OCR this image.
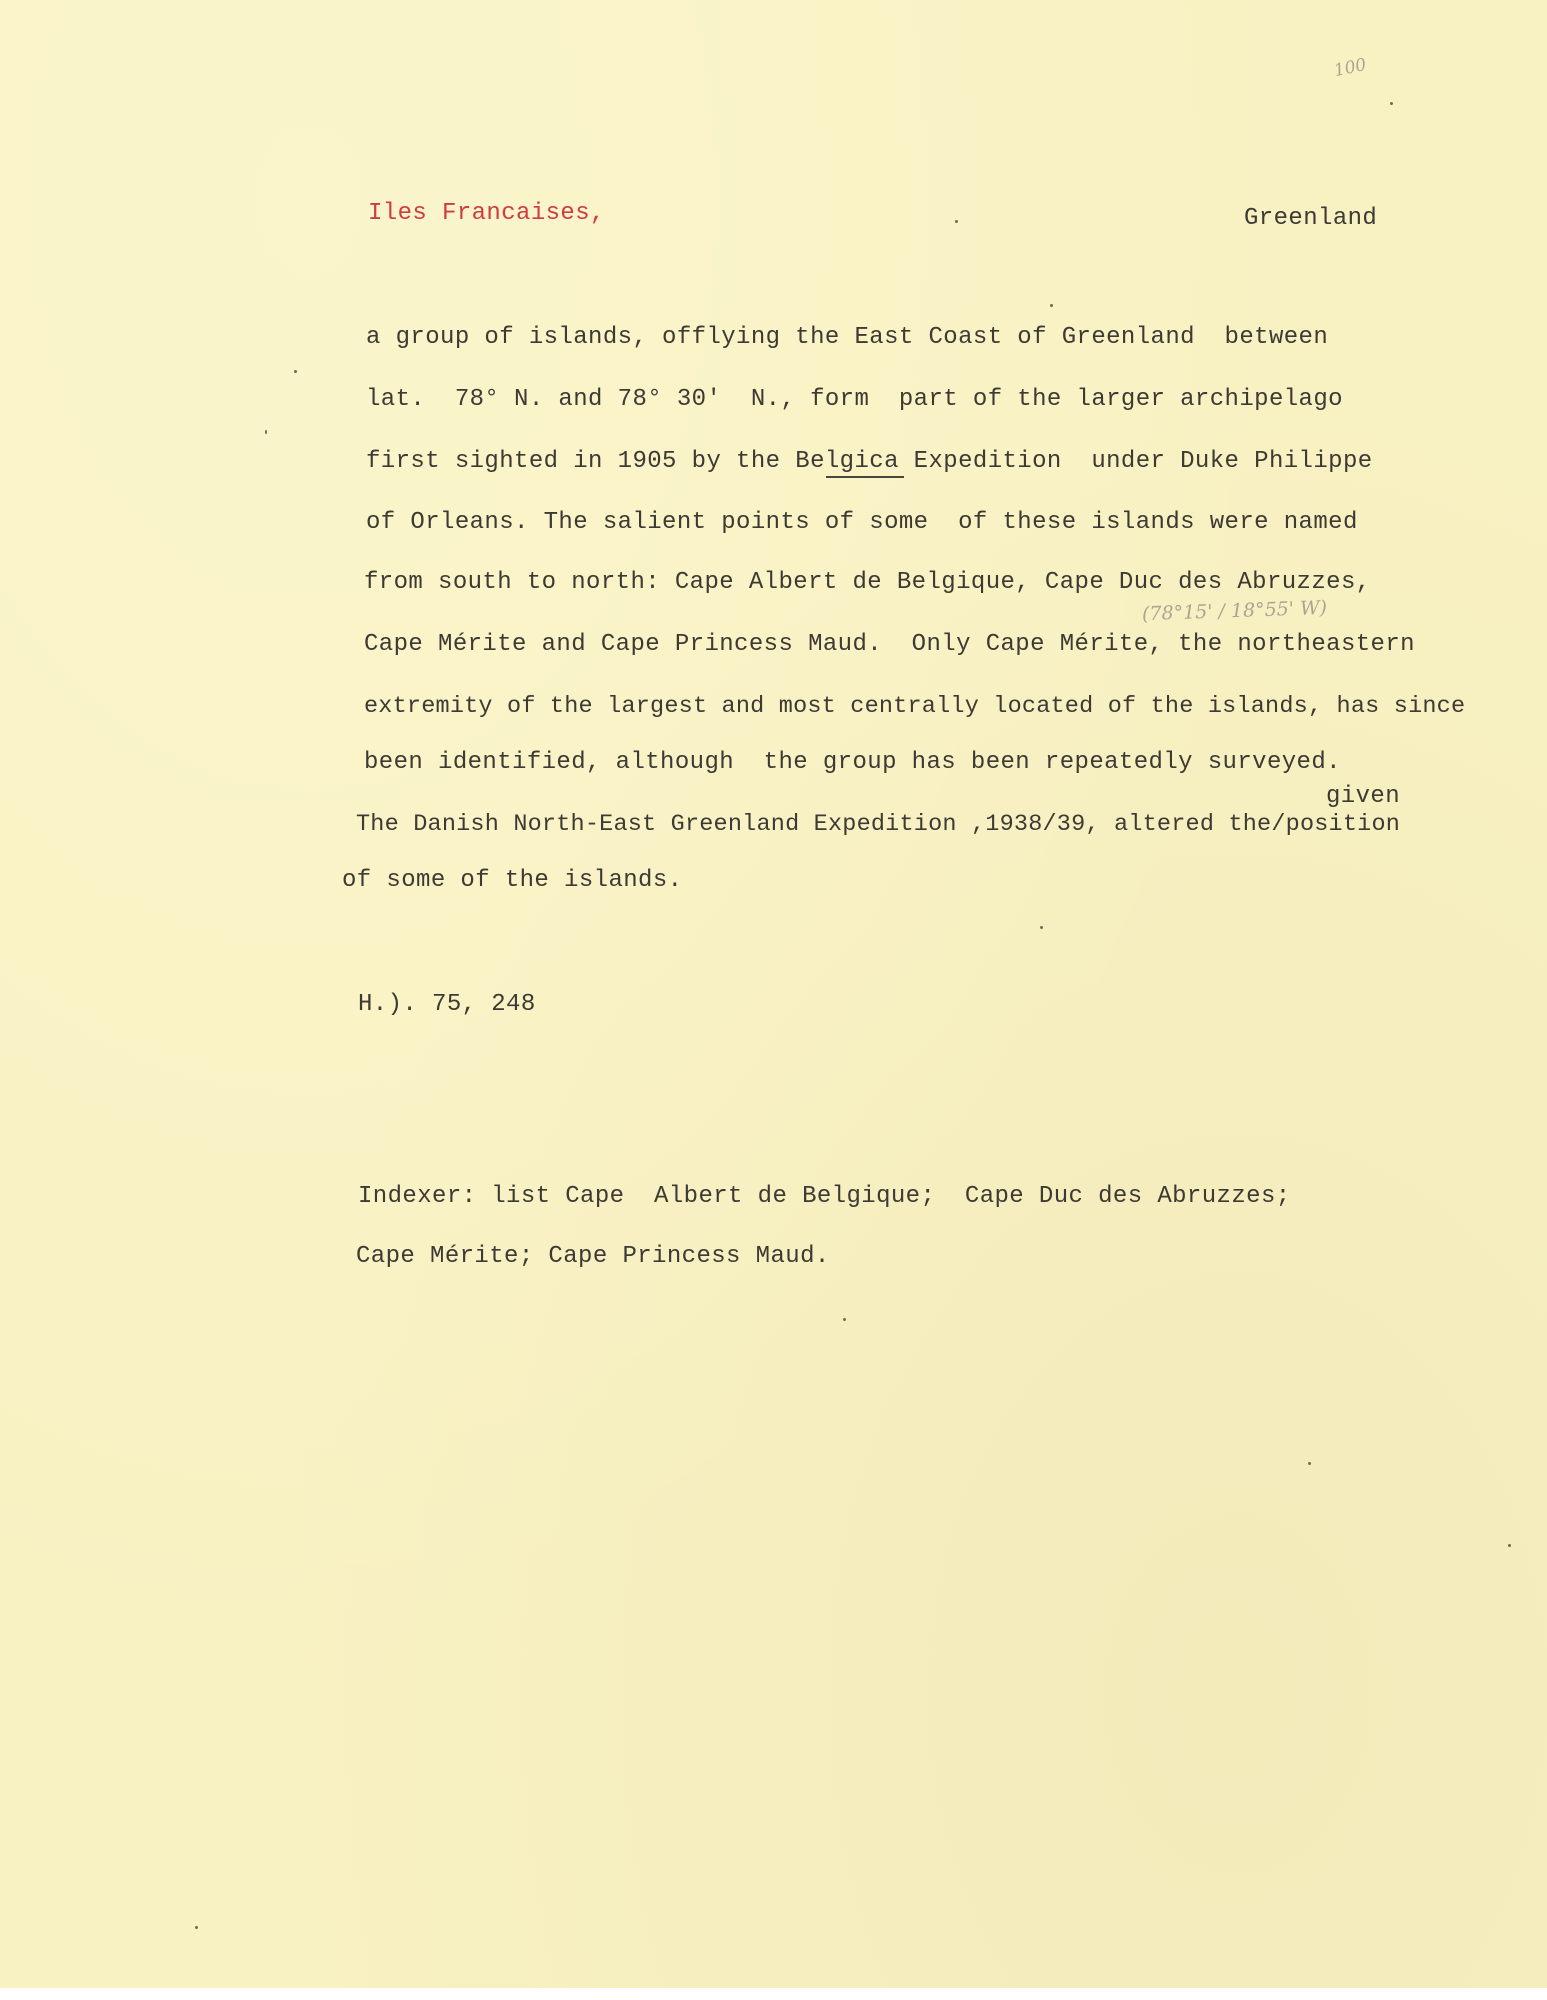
100
Iles Francaises,	Greenland
a group of islands, offlying the East Coast of Greenland  between
lat.  78° N. and 78° 30'  N., form  part of the larger archipelago
first sighted in 1905 by the Belgica Expedition  under Duke Philippe
of Orleans. The salient points of some  of these islands were named
from south to north: Cape Albert de Belgique, Cape Duc des Abruzzes,
(78°15' / 18°55' W)
Cape Mérite and Cape Princess Maud.  Only Cape Mérite, the northeastern
extremity of the largest and most centrally located of the islands, has since
been identified, although  the group has been repeatedly surveyed.
given
The Danish North-East Greenland Expedition ,1938/39, altered the/position
of some of the islands.
H.). 75, 248
Indexer: list Cape  Albert de Belgique;  Cape Duc des Abruzzes;
Cape Mérite; Cape Princess Maud.
